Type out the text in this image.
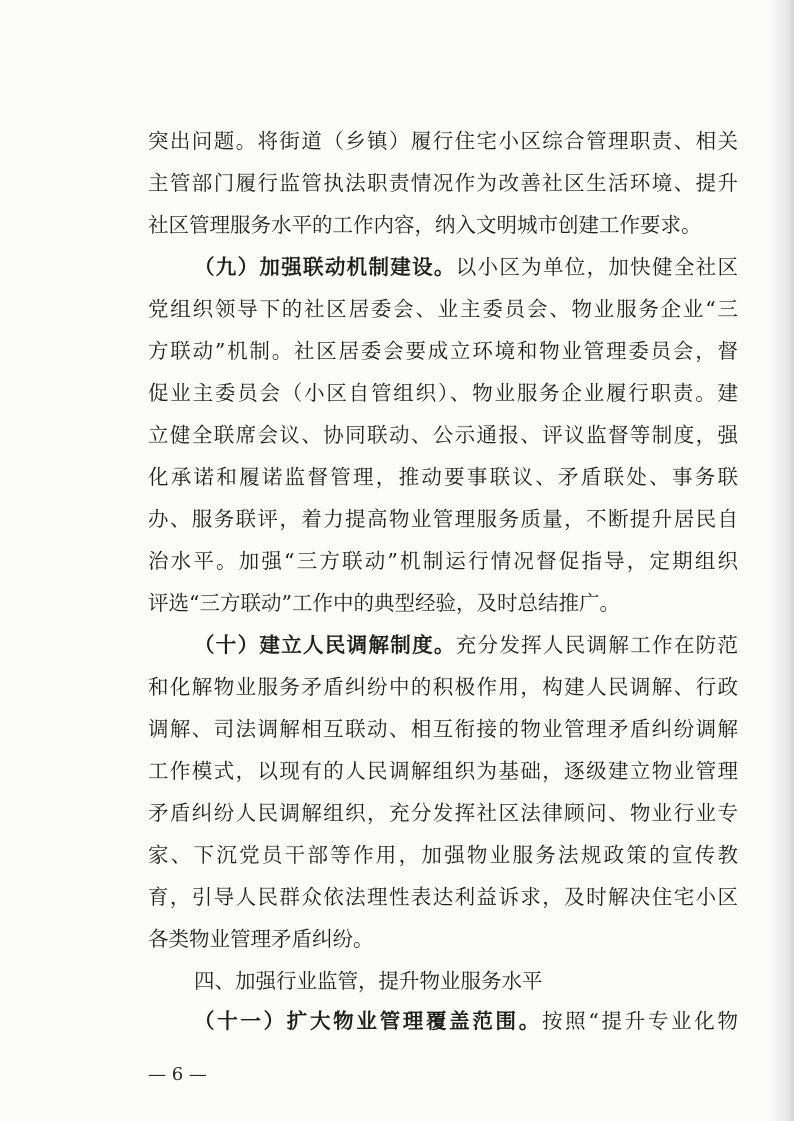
突出问题。将街道（乡镇）履行住宅小区综合管理职责、相关
主管部门履行监管执法职责情况作为改善社区生活环境、提升
社区管理服务水平的工作内容，纳入文明城市创建工作要求。
（九）加强联动机制建设。以小区为单位，加快健全社区
党组织领导下的社区居委会、业主委员会、物业服务企业“三
方联动”机制。社区居委会要成立环境和物业管理委员会，督
促业主委员会（小区自管组织）、物业服务企业履行职责。建
立健全联席会议、协同联动、公示通报、评议监督等制度，强
化承诺和履诺监督管理，推动要事联议、矛盾联处、事务联
办、服务联评，着力提高物业管理服务质量，不断提升居民自
治水平。加强“三方联动”机制运行情况督促指导，定期组织
评选“三方联动”工作中的典型经验，及时总结推广。
（十）建立人民调解制度。充分发挥人民调解工作在防范
和化解物业服务矛盾纠纷中的积极作用，构建人民调解、行政
调解、司法调解相互联动、相互衔接的物业管理矛盾纠纷调解
工作模式，以现有的人民调解组织为基础，逐级建立物业管理
矛盾纠纷人民调解组织，充分发挥社区法律顾问、物业行业专
家、下沉党员干部等作用，加强物业服务法规政策的宣传教
育，引导人民群众依法理性表达利益诉求，及时解决住宅小区
各类物业管理矛盾纠纷。
四、加强行业监管，提升物业服务水平
（十一）扩大物业管理覆盖范围。按照“提升专业化物
— 6 —
